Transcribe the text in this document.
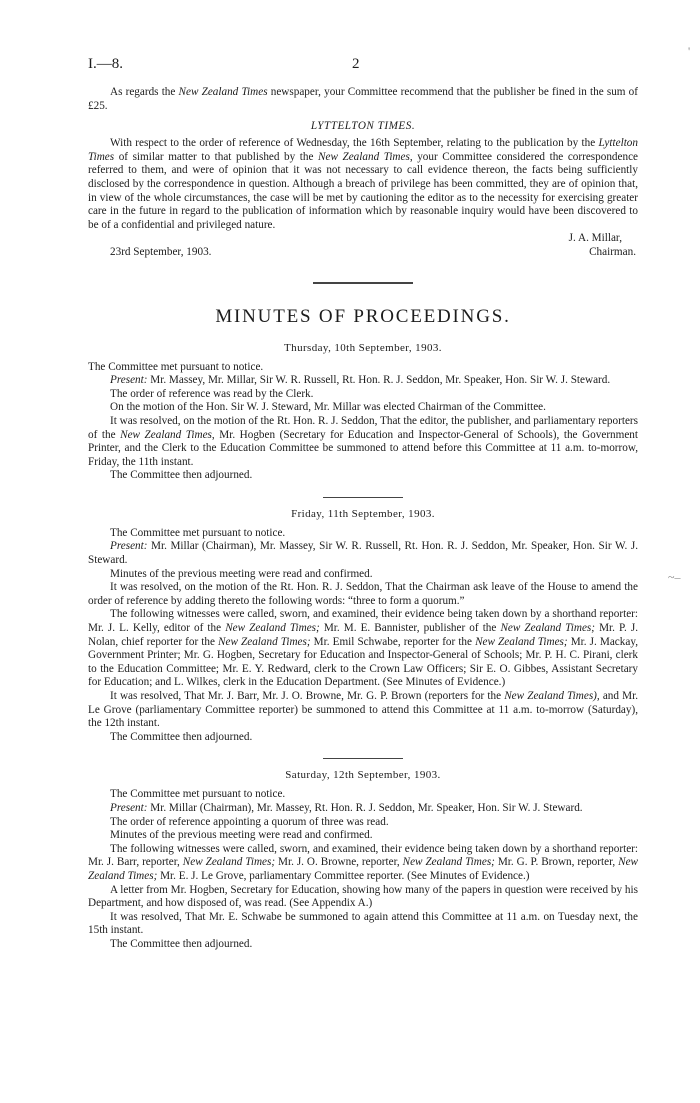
I.—8.	2

As regards the New Zealand Times newspaper, your Committee recommend that the publisher be fined in the sum of £25.

LYTTELTON TIMES.

With respect to the order of reference of Wednesday, the 16th September, relating to the publication by the Lyttelton Times of similar matter to that published by the New Zealand Times, your Committee considered the correspondence referred to them, and were of opinion that it was not necessary to call evidence thereon, the facts being sufficiently disclosed by the correspondence in question. Although a breach of privilege has been committed, they are of opinion that, in view of the whole circumstances, the case will be met by cautioning the editor as to the necessity for exercising greater care in the future in regard to the publication of information which by reasonable inquiry would have been discovered to be of a confidential and privileged nature.

J. A. Millar,
23rd September, 1903.	Chairman.
MINUTES OF PROCEEDINGS.
Thursday, 10th September, 1903.

The Committee met pursuant to notice.

Present: Mr. Massey, Mr. Millar, Sir W. R. Russell, Rt. Hon. R. J. Seddon, Mr. Speaker, Hon. Sir W. J. Steward.

The order of reference was read by the Clerk.

On the motion of the Hon. Sir W. J. Steward, Mr. Millar was elected Chairman of the Committee.

It was resolved, on the motion of the Rt. Hon. R. J. Seddon, That the editor, the publisher, and parliamentary reporters of the New Zealand Times, Mr. Hogben (Secretary for Education and Inspector-General of Schools), the Government Printer, and the Clerk to the Education Committee be summoned to attend before this Committee at 11 a.m. to-morrow, Friday, the 11th instant.

The Committee then adjourned.

Friday, 11th September, 1903.

The Committee met pursuant to notice.

Present: Mr. Millar (Chairman), Mr. Massey, Sir W. R. Russell, Rt. Hon. R. J. Seddon, Mr. Speaker, Hon. Sir W. J. Steward.

Minutes of the previous meeting were read and confirmed.

It was resolved, on the motion of the Rt. Hon. R. J. Seddon, That the Chairman ask leave of the House to amend the order of reference by adding thereto the following words: “three to form a quorum.”

The following witnesses were called, sworn, and examined, their evidence being taken down by a shorthand reporter: Mr. J. L. Kelly, editor of the New Zealand Times; Mr. M. E. Bannister, publisher of the New Zealand Times; Mr. P. J. Nolan, chief reporter for the New Zealand Times; Mr. Emil Schwabe, reporter for the New Zealand Times; Mr. J. Mackay, Government Printer; Mr. G. Hogben, Secretary for Education and Inspector-General of Schools; Mr. P. H. C. Pirani, clerk to the Education Committee; Mr. E. Y. Redward, clerk to the Crown Law Officers; Sir E. O. Gibbes, Assistant Secretary for Education; and L. Wilkes, clerk in the Education Department. (See Minutes of Evidence.)

It was resolved, That Mr. J. Barr, Mr. J. O. Browne, Mr. G. P. Brown (reporters for the New Zealand Times), and Mr. Le Grove (parliamentary Committee reporter) be summoned to attend this Committee at 11 a.m. to-morrow (Saturday), the 12th instant.

The Committee then adjourned.

Saturday, 12th September, 1903.

The Committee met pursuant to notice.

Present: Mr. Millar (Chairman), Mr. Massey, Rt. Hon. R. J. Seddon, Mr. Speaker, Hon. Sir W. J. Steward.

The order of reference appointing a quorum of three was read.

Minutes of the previous meeting were read and confirmed.

The following witnesses were called, sworn, and examined, their evidence being taken down by a shorthand reporter: Mr. J. Barr, reporter, New Zealand Times; Mr. J. O. Browne, reporter, New Zealand Times; Mr. G. P. Brown, reporter, New Zealand Times; Mr. E. J. Le Grove, parliamentary Committee reporter. (See Minutes of Evidence.)

A letter from Mr. Hogben, Secretary for Education, showing how many of the papers in question were received by his Department, and how disposed of, was read. (See Appendix A.)

It was resolved, That Mr. E. Schwabe be summoned to again attend this Committee at 11 a.m. on Tuesday next, the 15th instant.

The Committee then adjourned.

'
~–
